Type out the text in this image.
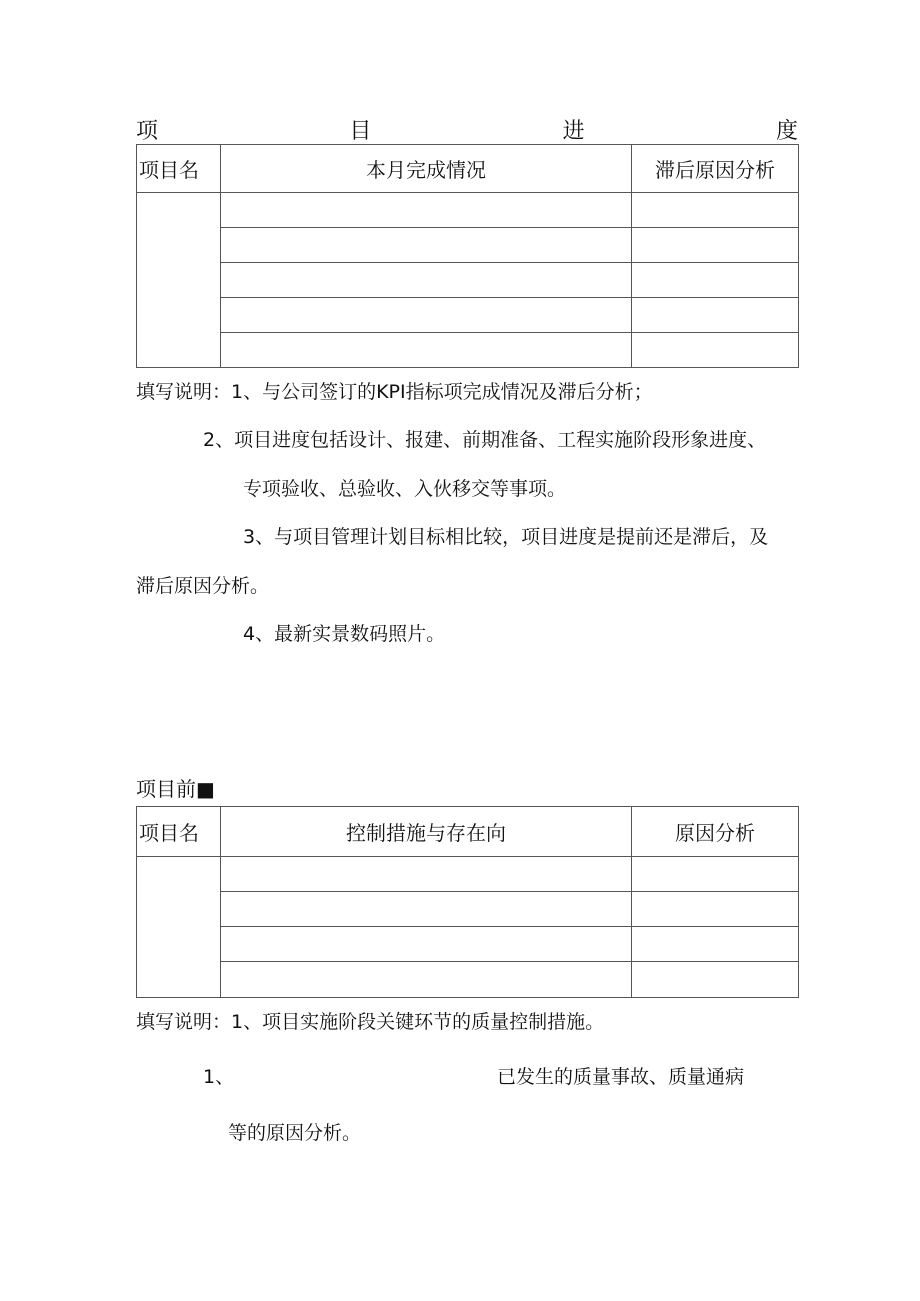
项	目	进	度
项目名	本月完成情况	滞后原因分析

填写说明：1、与公司签订的KPI指标项完成情况及滞后分析；
2、项目进度包括设计、报建、前期准备、工程实施阶段形象进度、
专项验收、总验收、入伙移交等事项。
3、与项目管理计划目标相比较，项目进度是提前还是滞后，及
滞后原因分析。
4、最新实景数码照片。
项目前■
项目名	控制措施与存在向	原因分析

填写说明：1、项目实施阶段关键环节的质量控制措施。
1、	已发生的质量事故、质量通病
等的原因分析。
